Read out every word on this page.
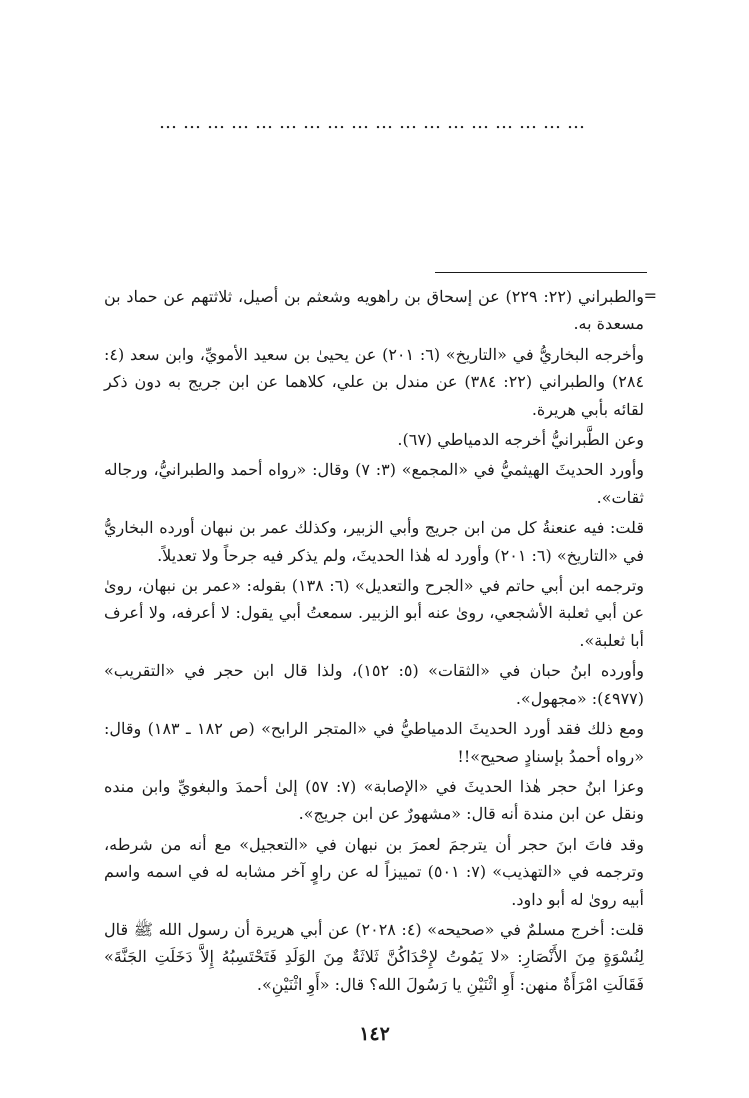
………………………………………………
=

والطبراني (٢٢: ٢٢٩) عن إسحاق بن راهويه وشعثم بن أصيل، ثلاثتهم عن حماد بن مسعدة به.

وأخرجه البخاريُّ في «التاريخ» (٦: ٢٠١) عن يحيىٰ بن سعيد الأمويِّ، وابن سعد (٤: ٢٨٤) والطبراني (٢٢: ٣٨٤) عن مندل بن علي، كلاهما عن ابن جريج به دون ذكر لقائه بأبي هريرة.

وعن الطَّبرانيُّ أخرجه الدمياطي (٦٧).

وأورد الحديثَ الهيثميُّ في «المجمع» (٣: ٧) وقال: «رواه أحمد والطبرانيُّ، ورجاله ثقات».

قلت: فيه عنعنةُ كل من ابن جريج وأبي الزبير، وكذلك عمر بن نبهان أورده البخاريُّ في «التاريخ» (٦: ٢٠١) وأورد له هٰذا الحديثَ، ولم يذكر فيه جرحاً ولا تعديلاً.

وترجمه ابن أبي حاتم في «الجرح والتعديل» (٦: ١٣٨) بقوله: «عمر بن نبهان، روىٰ عن أبي ثعلبة الأشجعي، روىٰ عنه أبو الزبير. سمعتُ أبي يقول: لا أعرفه، ولا أعرف أبا ثعلبة».

وأورده ابنُ حبان في «الثقات» (٥: ١٥٢)، ولذا قال ابن حجر في «التقريب» (٤٩٧٧): «مجهول».

ومع ذلك فقد أورد الحديثَ الدمياطيُّ في «المتجر الرابح» (ص ١٨٢ ـ ١٨٣) وقال: «رواه أحمدُ بإسنادٍ صحيح»!!

وعزا ابنُ حجر هٰذا الحديثَ في «الإصابة» (٧: ٥٧) إلىٰ أحمدَ والبغويِّ وابن منده ونقل عن ابن مندة أنه قال: «مشهورٌ عن ابن جريج».

وقد فاتَ ابنَ حجر أن يترجمَ لعمرَ بن نبهان في «التعجيل» مع أنه من شرطه، وترجمه في «التهذيب» (٧: ٥٠١) تمييزاً له عن راوٍ آخر مشابه له في اسمه واسم أبيه روىٰ له أبو داود.

قلت: أخرج مسلمٌ في «صحيحه» (٤: ٢٠٢٨) عن أبي هريرة أن رسول الله ﷺ قال لِنُسْوَةٍ مِنَ الأَنْصَارِ: «لا يَمُوتُ لإِحْدَاكُنَّ ثَلاثَةٌ مِنَ الوَلَدِ فَتَحْتَسِبُهُ إِلاَّ دَخَلَتِ الجَنَّةَ» فَقَالَتِ امْرَأَةٌ منهن: أَوِ اثْنَيْنِ يا رَسُولَ الله؟ قال: «أَوِ اثْنَيْنِ».

١٤٢
